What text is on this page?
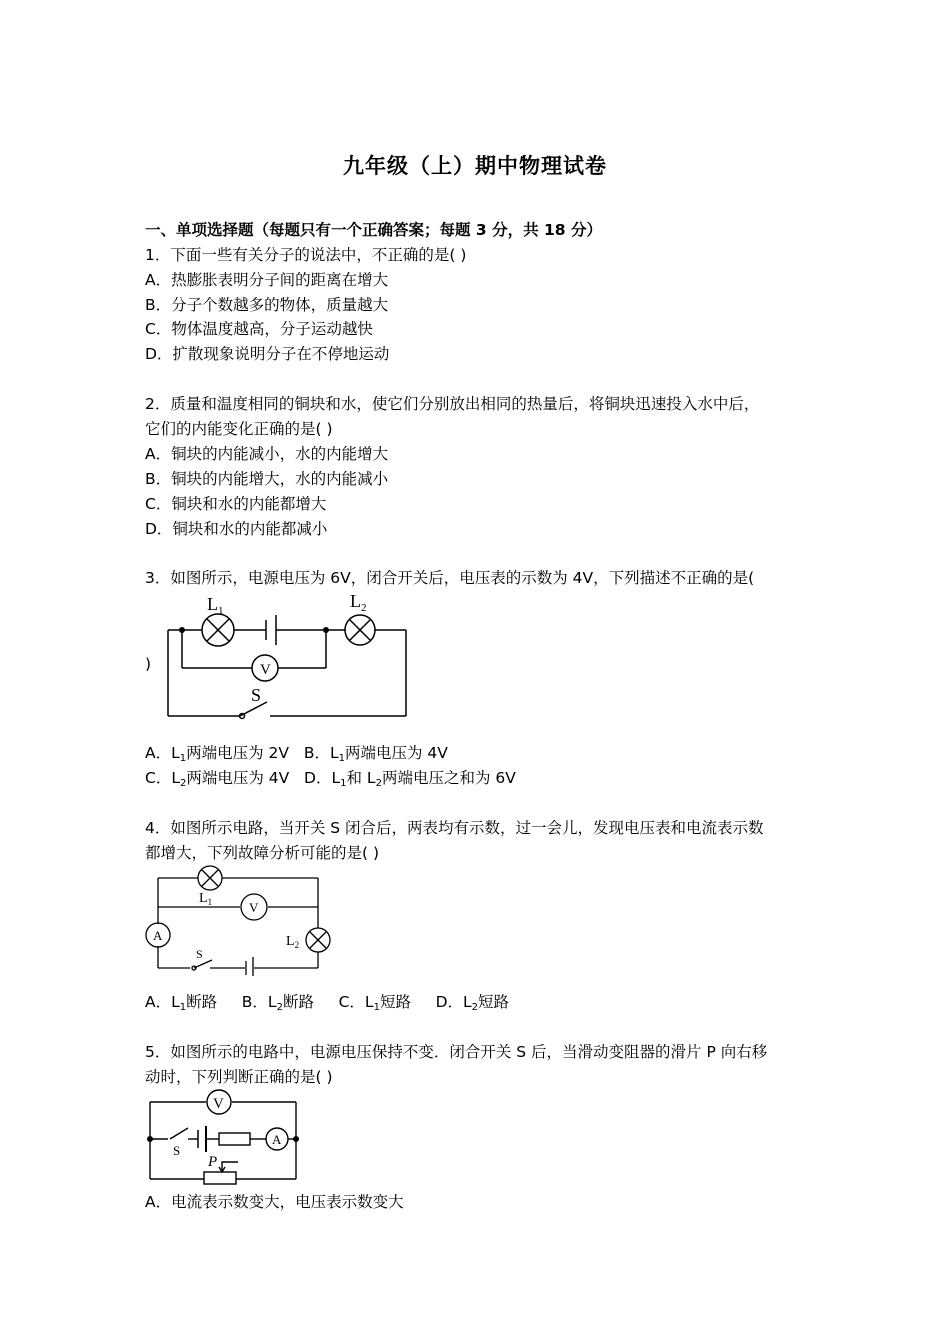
九年级（上）期中物理试卷
一、单项选择题（每题只有一个正确答案；每题 3 分，共 18 分）
1．下面一些有关分子的说法中，不正确的是( )
A．热膨胀表明分子间的距离在增大
B．分子个数越多的物体，质量越大
C．物体温度越高，分子运动越快
D．扩散现象说明分子在不停地运动
2．质量和温度相同的铜块和水，使它们分别放出相同的热量后，将铜块迅速投入水中后，
它们的内能变化正确的是( )
A．铜块的内能减小，水的内能增大
B．铜块的内能增大，水的内能减小
C．铜块和水的内能都增大
D．铜块和水的内能都减小
3．如图所示，电源电压为 6V，闭合开关后，电压表的示数为 4V，下列描述不正确的是(
)
$L_1$	$L_2$
V
S
A．$L_1$两端电压为 2V B．$L_1$两端电压为 4V
C．$L_2$两端电压为 4V D．$L_1$和 $L_2$两端电压之和为 6V
4．如图所示电路，当开关 S 闭合后，两表均有示数，过一会儿，发现电压表和电流表示数
都增大，下列故障分析可能的是( )
$L_1$
$L_2$
V
A
S
A．$L_1$断路 B．$L_2$断路 C．$L_1$短路 D．$L_2$短路
5．如图所示的电路中，电源电压保持不变．闭合开关 S 后，当滑动变阻器的滑片 P 向右移
动时，下列判断正确的是( )
V
A
S
P
A．电流表示数变大，电压表示数变大
